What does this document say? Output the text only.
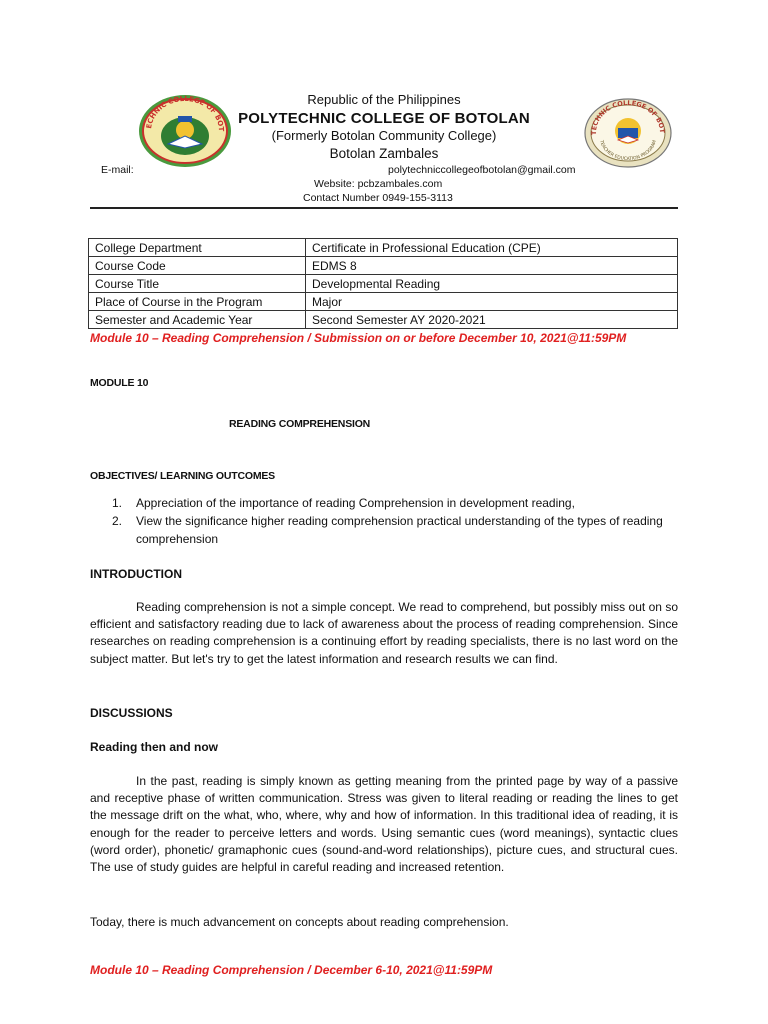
ECHNIC COLLEGE OF BOT
TECHNIC COLLEGE OF BOT
TEACHER EDUCATION PROGRAM
Republic of the Philippines
POLYTECHNIC COLLEGE OF BOTOLAN
(Formerly Botolan Community College)
Botolan Zambales
E-mail:	polytechniccollegeofbotolan@gmail.com
Website: pcbzambales.com
Contact Number 0949-155-3113
College Department	Certificate in Professional Education (CPE)
Course Code	EDMS 8
Course Title	Developmental Reading
Place of Course in the Program	Major
Semester and Academic Year	Second Semester AY 2020-2021
Module 10 – Reading Comprehension / Submission on or before December 10, 2021@11:59PM
MODULE 10
READING COMPREHENSION
OBJECTIVES/ LEARNING OUTCOMES
1. Appreciation of the importance of reading Comprehension in development reading,
2. View the significance higher reading comprehension practical understanding of the types of reading comprehension
INTRODUCTION
Reading comprehension is not a simple concept. We read to comprehend, but possibly miss out on so efficient and satisfactory reading due to lack of awareness about the process of reading comprehension. Since researches on reading comprehension is a continuing effort by reading specialists, there is no last word on the subject matter. But let's try to get the latest information and research results we can find.
DISCUSSIONS
Reading then and now
In the past, reading is simply known as getting meaning from the printed page by way of a passive and receptive phase of written communication. Stress was given to literal reading or reading the lines to get the message drift on the what, who, where, why and how of information. In this traditional idea of reading, it is enough for the reader to perceive letters and words. Using semantic cues (word meanings), syntactic clues (word order), phonetic/ gramaphonic cues (sound-and-word relationships), picture cues, and structural cues. The use of study guides are helpful in careful reading and increased retention.
Today, there is much advancement on concepts about reading comprehension.
Module 10 – Reading Comprehension / December 6-10, 2021@11:59PM
